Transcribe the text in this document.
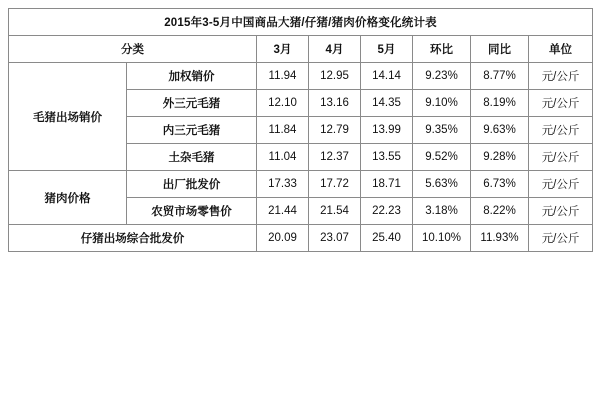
2015年3-5月中国商品大猪/仔猪/猪肉价格变化统计表							
分类		3月	4月	5月	环比	同比	单位
毛猪出场销价	加权销价	11.94	12.95	14.14	9.23%	8.77%	元/公斤
	外三元毛猪	12.10	13.16	14.35	9.10%	8.19%	元/公斤
	内三元毛猪	11.84	12.79	13.99	9.35%	9.63%	元/公斤
	土杂毛猪	11.04	12.37	13.55	9.52%	9.28%	元/公斤
猪肉价格	出厂批发价	17.33	17.72	18.71	5.63%	6.73%	元/公斤
	农贸市场零售价	21.44	21.54	22.23	3.18%	8.22%	元/公斤
仔猪出场综合批发价		20.09	23.07	25.40	10.10%	11.93%	元/公斤
